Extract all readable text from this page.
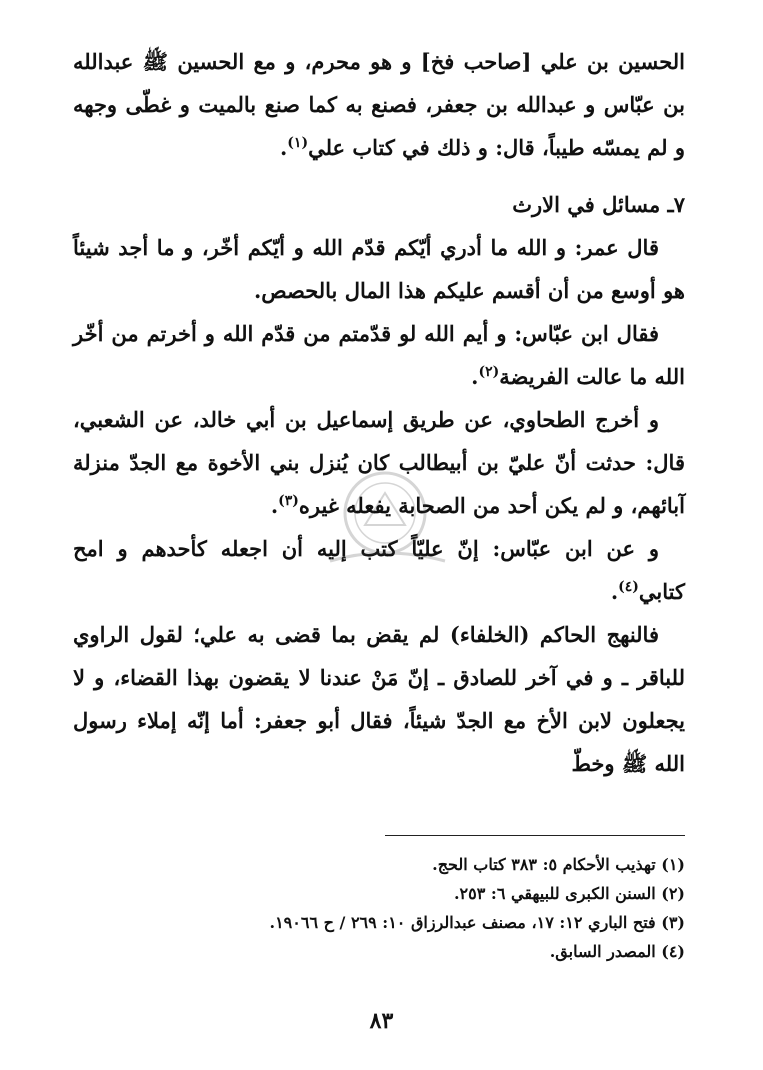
الحسين بن علي [صاحب فخ] و هو محرم، و مع الحسين ﷺ عبدالله بن عبّاس و عبدالله بن جعفر، فصنع به كما صنع بالميت و غطّى وجهه و لم يمسّه طيباً، قال: و ذلك في كتاب علي$^{(١)}$.

٧ـ مسائل في الارث

قال عمر: و الله ما أدري أيّكم قدّم الله و أيّكم أخّر، و ما أجد شيئاً هو أوسع من أن أقسم عليكم هذا المال بالحصص.

فقال ابن عبّاس: و أيم الله لو قدّمتم من قدّم الله و أخرتم من أخّر الله ما عالت الفريضة$^{(٢)}$.

و أخرج الطحاوي، عن طريق إسماعيل بن أبي خالد، عن الشعبي، قال: حدثت أنّ عليّ بن أبيطالب كان يُنزل بني الأخوة مع الجدّ منزلة آبائهم، و لم يكن أحد من الصحابة يفعله غيره$^{(٣)}$.

و عن ابن عبّاس: إنّ عليّاً كتب إليه أن اجعله كأحدهم و امح كتابي$^{(٤)}$.

فالنهج الحاكم (الخلفاء) لم يقض بما قضى به علي؛ لقول الراوي للباقر ـ و في آخر للصادق ـ إنّ مَنْ عندنا لا يقضون بهذا القضاء، و لا يجعلون لابن الأخ مع الجدّ شيئاً، فقال أبو جعفر: أما إنّه إملاء رسول الله ﷺ وخطّ

(١) تهذيب الأحكام ٥: ٣٨٣ كتاب الحج.

(٢) السنن الكبرى للبيهقي ٦: ٢٥٣.

(٣) فتح الباري ١٢: ١٧، مصنف عبدالرزاق ١٠: ٢٦٩ / ح ١٩٠٦٦.

(٤) المصدر السابق.

٨٣
